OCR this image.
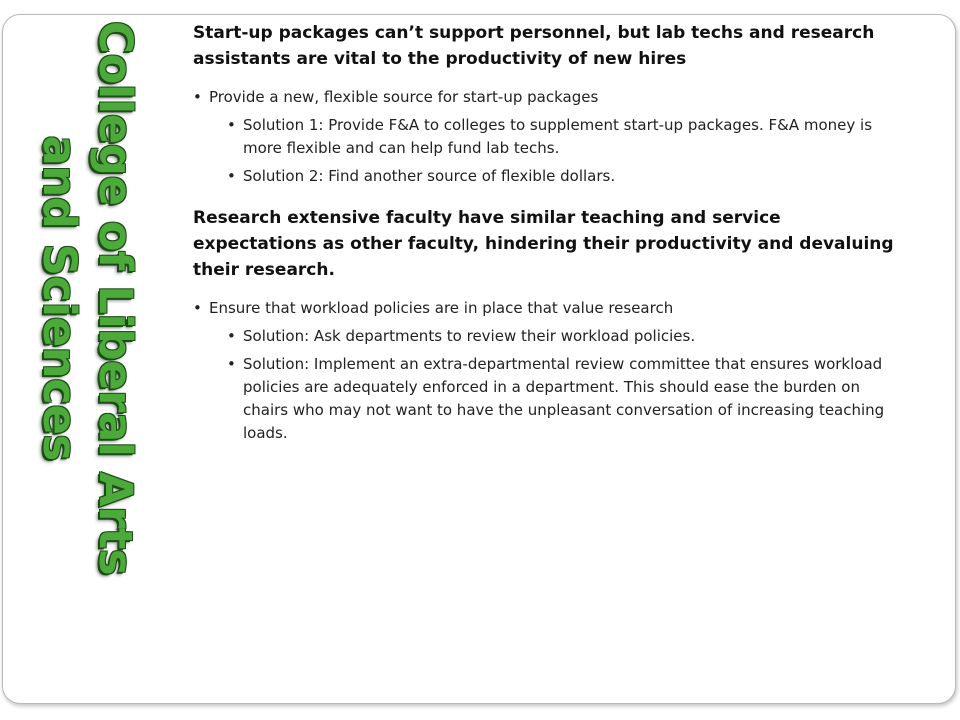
College of Liberal Arts
and Sciences

Start-up packages can’t support personnel, but lab techs and research assistants are vital to the productivity of new hires

• Provide a new, flexible source for start-up packages
• Solution 1: Provide F&A to colleges to supplement start-up packages. F&A money is more flexible and can help fund lab techs.
• Solution 2: Find another source of flexible dollars.

Research extensive faculty have similar teaching and service expectations as other faculty, hindering their productivity and devaluing their research.

• Ensure that workload policies are in place that value research
• Solution: Ask departments to review their workload policies.
• Solution: Implement an extra-departmental review committee that ensures workload policies are adequately enforced in a department. This should ease the burden on chairs who may not want to have the unpleasant conversation of increasing teaching loads.
